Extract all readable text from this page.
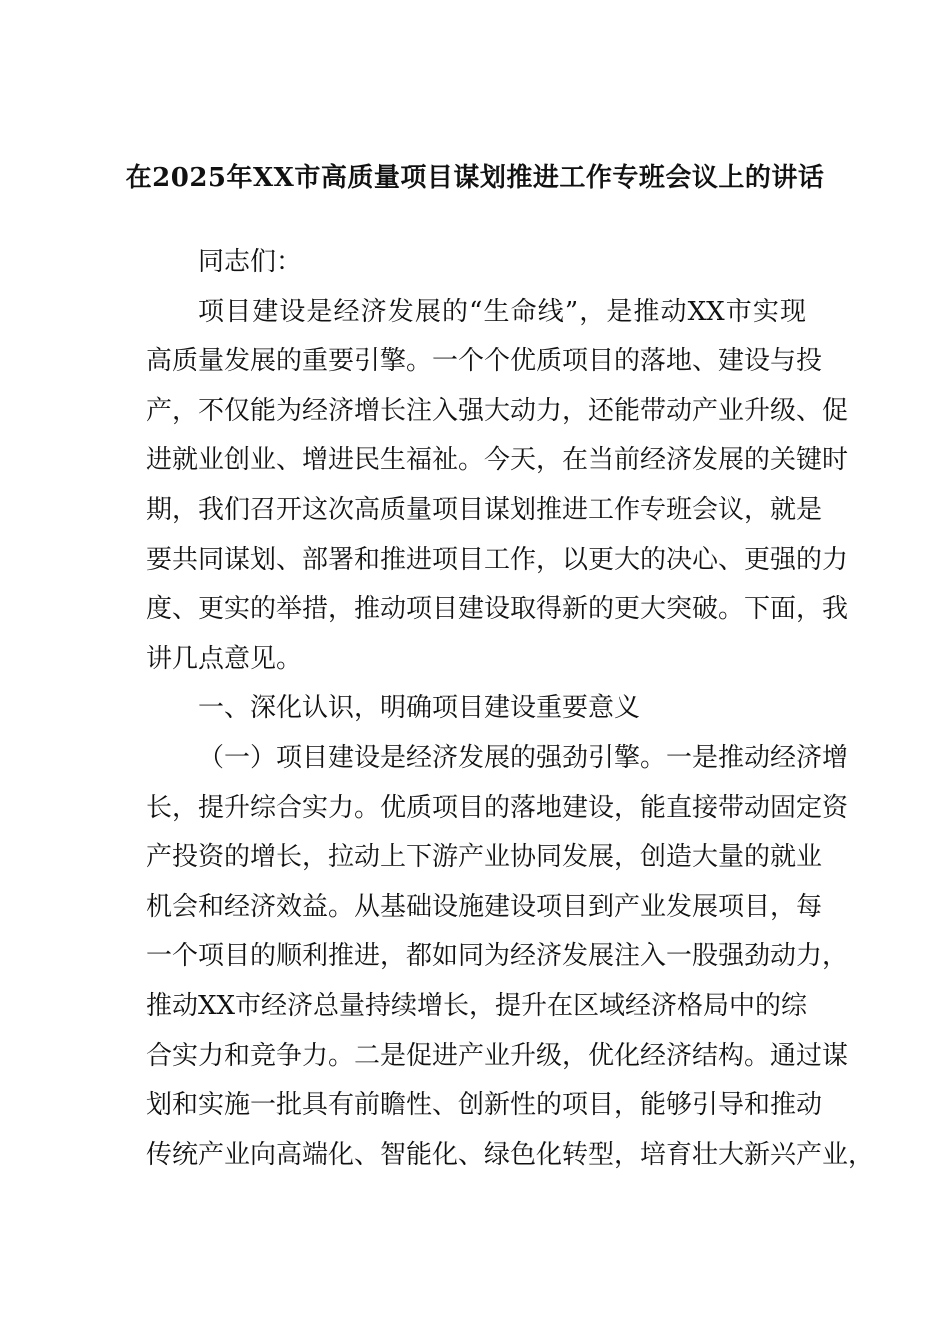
在2025年XX市高质量项目谋划推进工作专班会议上的讲话
同志们：
项目建设是经济发展的“生命线”，是推动XX市实现
高质量发展的重要引擎。一个个优质项目的落地、建设与投
产，不仅能为经济增长注入强大动力，还能带动产业升级、促
进就业创业、增进民生福祉。今天，在当前经济发展的关键时
期，我们召开这次高质量项目谋划推进工作专班会议，就是
要共同谋划、部署和推进项目工作，以更大的决心、更强的力
度、更实的举措，推动项目建设取得新的更大突破。下面，我
讲几点意见。
一、深化认识，明确项目建设重要意义
（一）项目建设是经济发展的强劲引擎。一是推动经济增
长，提升综合实力。优质项目的落地建设，能直接带动固定资
产投资的增长，拉动上下游产业协同发展，创造大量的就业
机会和经济效益。从基础设施建设项目到产业发展项目，每
一个项目的顺利推进，都如同为经济发展注入一股强劲动力，
推动XX市经济总量持续增长，提升在区域经济格局中的综
合实力和竞争力。二是促进产业升级，优化经济结构。通过谋
划和实施一批具有前瞻性、创新性的项目，能够引导和推动
传统产业向高端化、智能化、绿色化转型，培育壮大新兴产业，
